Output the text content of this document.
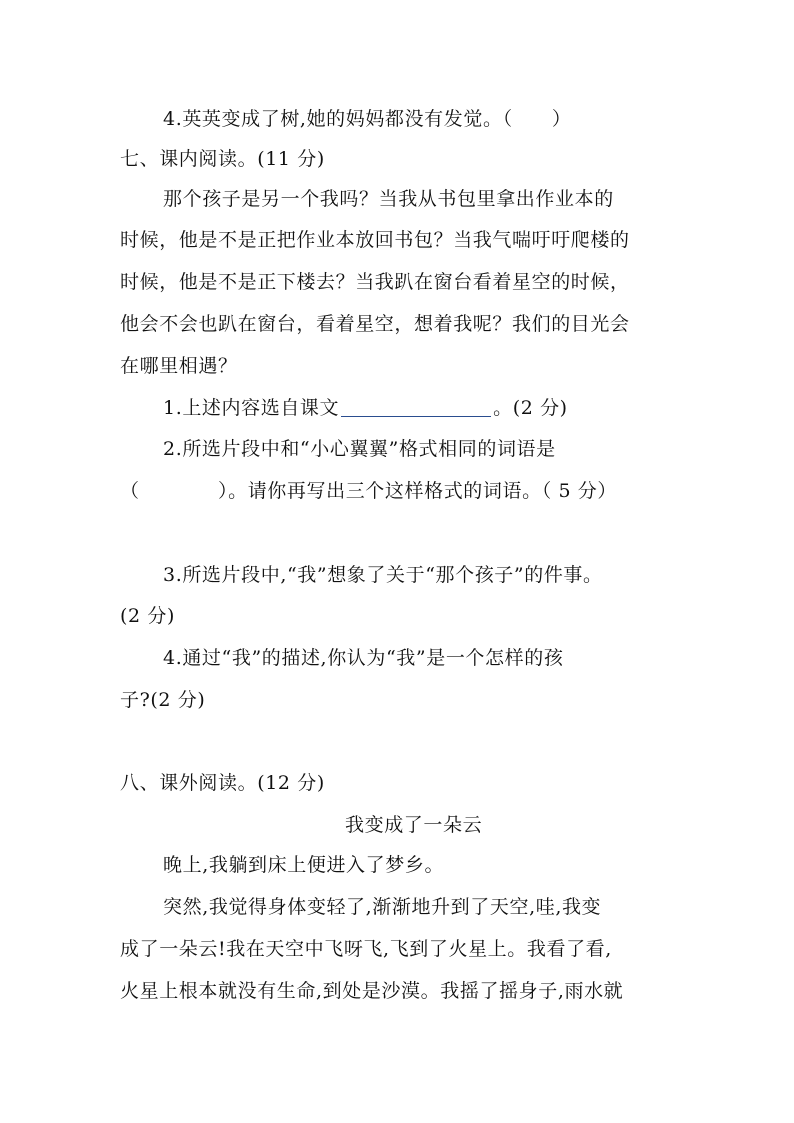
4.英英变成了树,她的妈妈都没有发觉。（　　）
七、课内阅读。(11 分)
那个孩子是另一个我吗？当我从书包里拿出作业本的
时候，他是不是正把作业本放回书包？当我气喘吁吁爬楼的
时候，他是不是正下楼去？当我趴在窗台看着星空的时候，
他会不会也趴在窗台，看着星空，想着我呢？我们的目光会
在哪里相遇？
1.上述内容选自课文	。(2 分)
2.所选片段中和“小心翼翼”格式相同的词语是
（　　　　）。请你再写出三个这样格式的词语。（ 5 分）
3.所选片段中,“我”想象了关于“那个孩子”的件事。
(2 分)
4.通过“我”的描述,你认为“我”是一个怎样的孩
子?(2 分)
八、课外阅读。(12 分)
我变成了一朵云
晚上,我躺到床上便进入了梦乡。
突然,我觉得身体变轻了,渐渐地升到了天空,哇,我变
成了一朵云!我在天空中飞呀飞,飞到了火星上。我看了看,
火星上根本就没有生命,到处是沙漠。我摇了摇身子,雨水就
